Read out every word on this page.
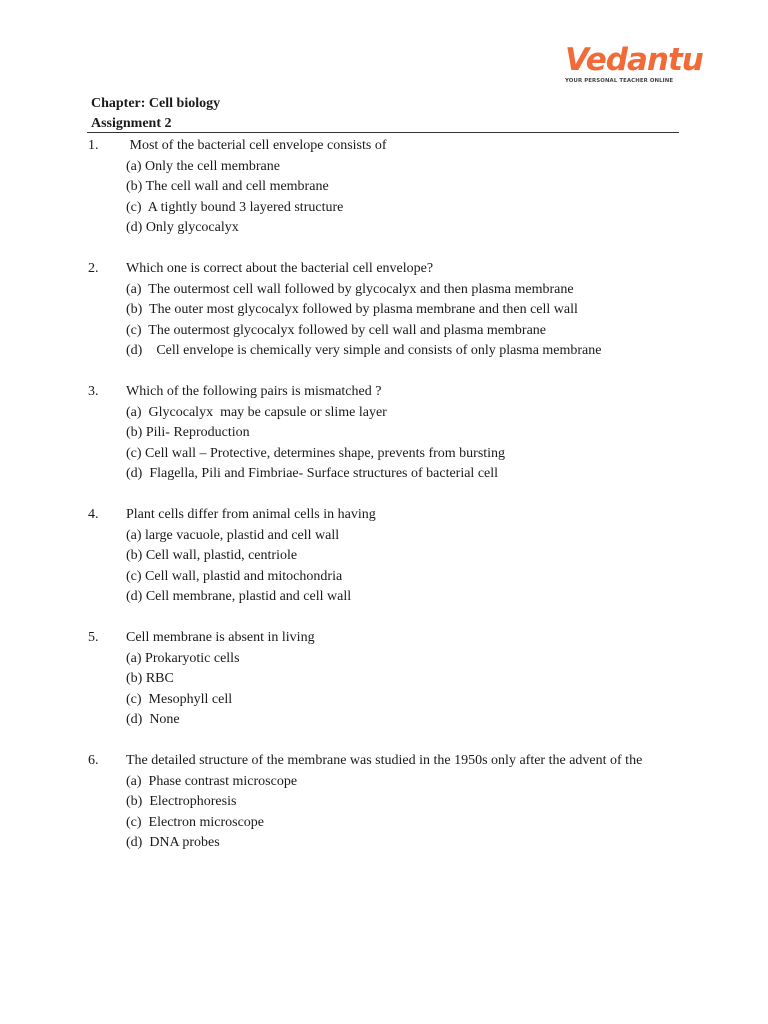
Vedantu
YOUR PERSONAL TEACHER ONLINE
Chapter: Cell biology
Assignment 2
1. Most of the bacterial cell envelope consists of
(a) Only the cell membrane
(b) The cell wall and cell membrane
(c)  A tightly bound 3 layered structure
(d) Only glycocalyx
2. Which one is correct about the bacterial cell envelope?
(a)  The outermost cell wall followed by glycocalyx and then plasma membrane
(b)  The outer most glycocalyx followed by plasma membrane and then cell wall
(c)  The outermost glycocalyx followed by cell wall and plasma membrane
(d)    Cell envelope is chemically very simple and consists of only plasma membrane
3. Which of the following pairs is mismatched ?
(a)  Glycocalyx  may be capsule or slime layer
(b) Pili- Reproduction
(c) Cell wall – Protective, determines shape, prevents from bursting
(d)  Flagella, Pili and Fimbriae- Surface structures of bacterial cell
4. Plant cells differ from animal cells in having
(a) large vacuole, plastid and cell wall
(b) Cell wall, plastid, centriole
(c) Cell wall, plastid and mitochondria
(d) Cell membrane, plastid and cell wall
5. Cell membrane is absent in living
(a) Prokaryotic cells
(b) RBC
(c)  Mesophyll cell
(d)  None
6. The detailed structure of the membrane was studied in the 1950s only after the advent of the
(a)  Phase contrast microscope
(b)  Electrophoresis
(c)  Electron microscope
(d)  DNA probes
